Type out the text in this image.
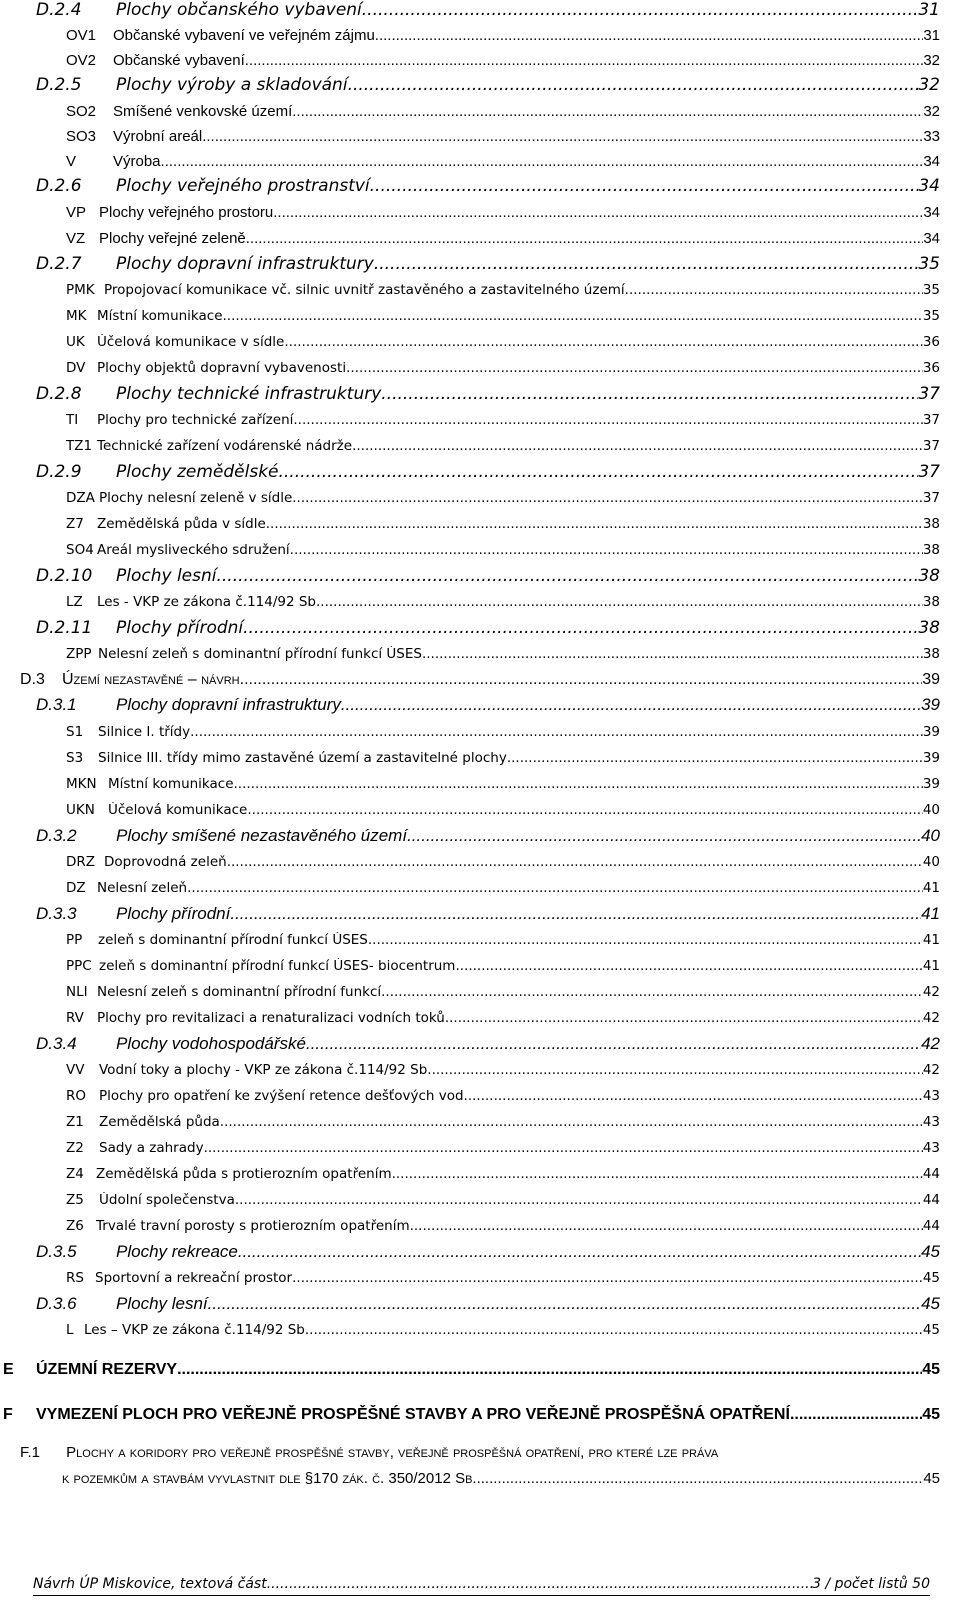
D.2.4	Plochy občanského vybavení .....	31
OV1	Občanské vybavení ve veřejném zájmu .....	31
OV2	Občanské vybavení .....	32
D.2.5	Plochy výroby a skladování .....	32
SO2	Smíšené venkovské území .....	32
SO3	Výrobní areál .....	33
V	Výroba .....	34
D.2.6	Plochy veřejného prostranství .....	34
VP Plochy veřejného prostoru .....	34
VZ Plochy veřejné zeleně .....	34
D.2.7	Plochy dopravní infrastruktury .....	35
PMK Propojovací komunikace vč. silnic uvnitř zastavěného a zastavitelného území .....	35
MK Místní komunikace .....	35
UK Účelová komunikace v sídle .....	36
DV Plochy objektů dopravní vybavenosti .....	36
D.2.8	Plochy technické infrastruktury .....	37
TI	Plochy pro technické zařízení .....	37
TZ1 Technické zařízení vodárenské nádrže .....	37
D.2.9	Plochy zemědělské .....	37
DZA Plochy nelesní zeleně v sídle .....	37
Z7 Zemědělská půda v sídle .....	38
SO4 Areál mysliveckého sdružení .....	38
D.2.10	Plochy lesní .....	38
LZ	Les - VKP ze zákona č.114/92 Sb. .....	38
D.2.11	Plochy přírodní .....	38
ZPP Nelesní zeleň s dominantní přírodní funkcí ÚSES .....	38
D.3	Území nezastavěné – návrh .....	39
D.3.1	Plochy dopravní infrastruktury .....	39
S1	Silnice I. třídy .....	39
S3	Silnice III. třídy mimo zastavěné území a zastavitelné plochy .....	39
MKN Místní komunikace .....	39
UKN Účelová komunikace .....	40
D.3.2	Plochy smíšené nezastavěného území .....	40
DRZ Doprovodná zeleň .....	40
DZ Nelesní zeleň .....	41
D.3.3	Plochy přírodní .....	41
PP	zeleň s dominantní přírodní funkcí ÚSES .....	41
PPC zeleň s dominantní přírodní funkcí ÚSES- biocentrum .....	41
NLI Nelesní zeleň s dominantní přírodní funkcí .....	42
RV Plochy pro revitalizaci a renaturalizaci vodních toků .....	42
D.3.4	Plochy vodohospodářské .....	42
VV	Vodní toky a plochy - VKP ze zákona č.114/92 Sb. .....	42
RO Plochy pro opatření ke zvýšení retence dešťových vod .....	43
Z1	Zemědělská půda .....	43
Z2	Sady a zahrady .....	43
Z4 Zemědělská půda s protierozním opatřením .....	44
Z5	Údolní společenstva .....	44
Z6 Trvalé travní porosty s protierozním opatřením .....	44
D.3.5	Plochy rekreace .....	45
RS Sportovní a rekreační prostor .....	45
D.3.6	Plochy lesní .....	45
L Les – VKP ze zákona č.114/92 Sb. .....	45
E	ÚZEMNÍ REZERVY .....	45
F	VYMEZENÍ PLOCH PRO VEŘEJNĚ PROSPĚŠNÉ STAVBY A PRO VEŘEJNĚ PROSPĚŠNÁ OPATŘENÍ .....	45
F.1 Plochy a koridory pro veřejně prospěšné stavby, veřejně prospěšná opatření, pro které lze práva
k pozemkům a stavbám vyvlastnit dle §170 zák. č. 350/2012 Sb. .....	45
Návrh ÚP Miskovice, textová část .....	3 / počet listů 50
